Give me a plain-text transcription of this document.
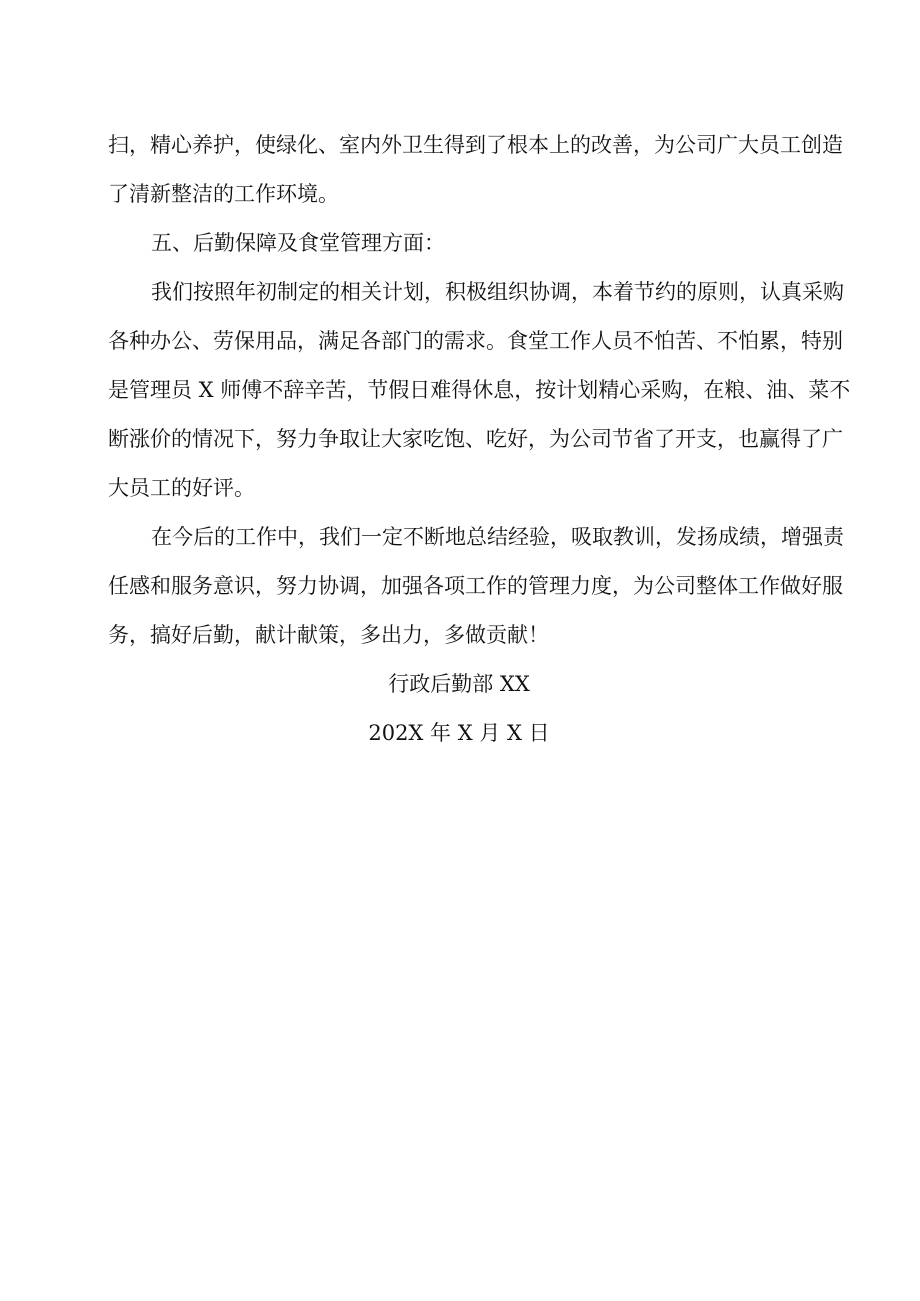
扫，精心养护，使绿化、室内外卫生得到了根本上的改善，为公司广大员工创造
了清新整洁的工作环境。
五、后勤保障及食堂管理方面：
我们按照年初制定的相关计划，积极组织协调，本着节约的原则，认真采购
各种办公、劳保用品，满足各部门的需求。食堂工作人员不怕苦、不怕累，特别
是管理员 X 师傅不辞辛苦，节假日难得休息，按计划精心采购，在粮、油、菜不
断涨价的情况下，努力争取让大家吃饱、吃好，为公司节省了开支，也赢得了广
大员工的好评。
在今后的工作中，我们一定不断地总结经验，吸取教训，发扬成绩，增强责
任感和服务意识，努力协调，加强各项工作的管理力度，为公司整体工作做好服
务，搞好后勤，献计献策，多出力，多做贡献！
行政后勤部 XX
202X 年 X 月 X 日
